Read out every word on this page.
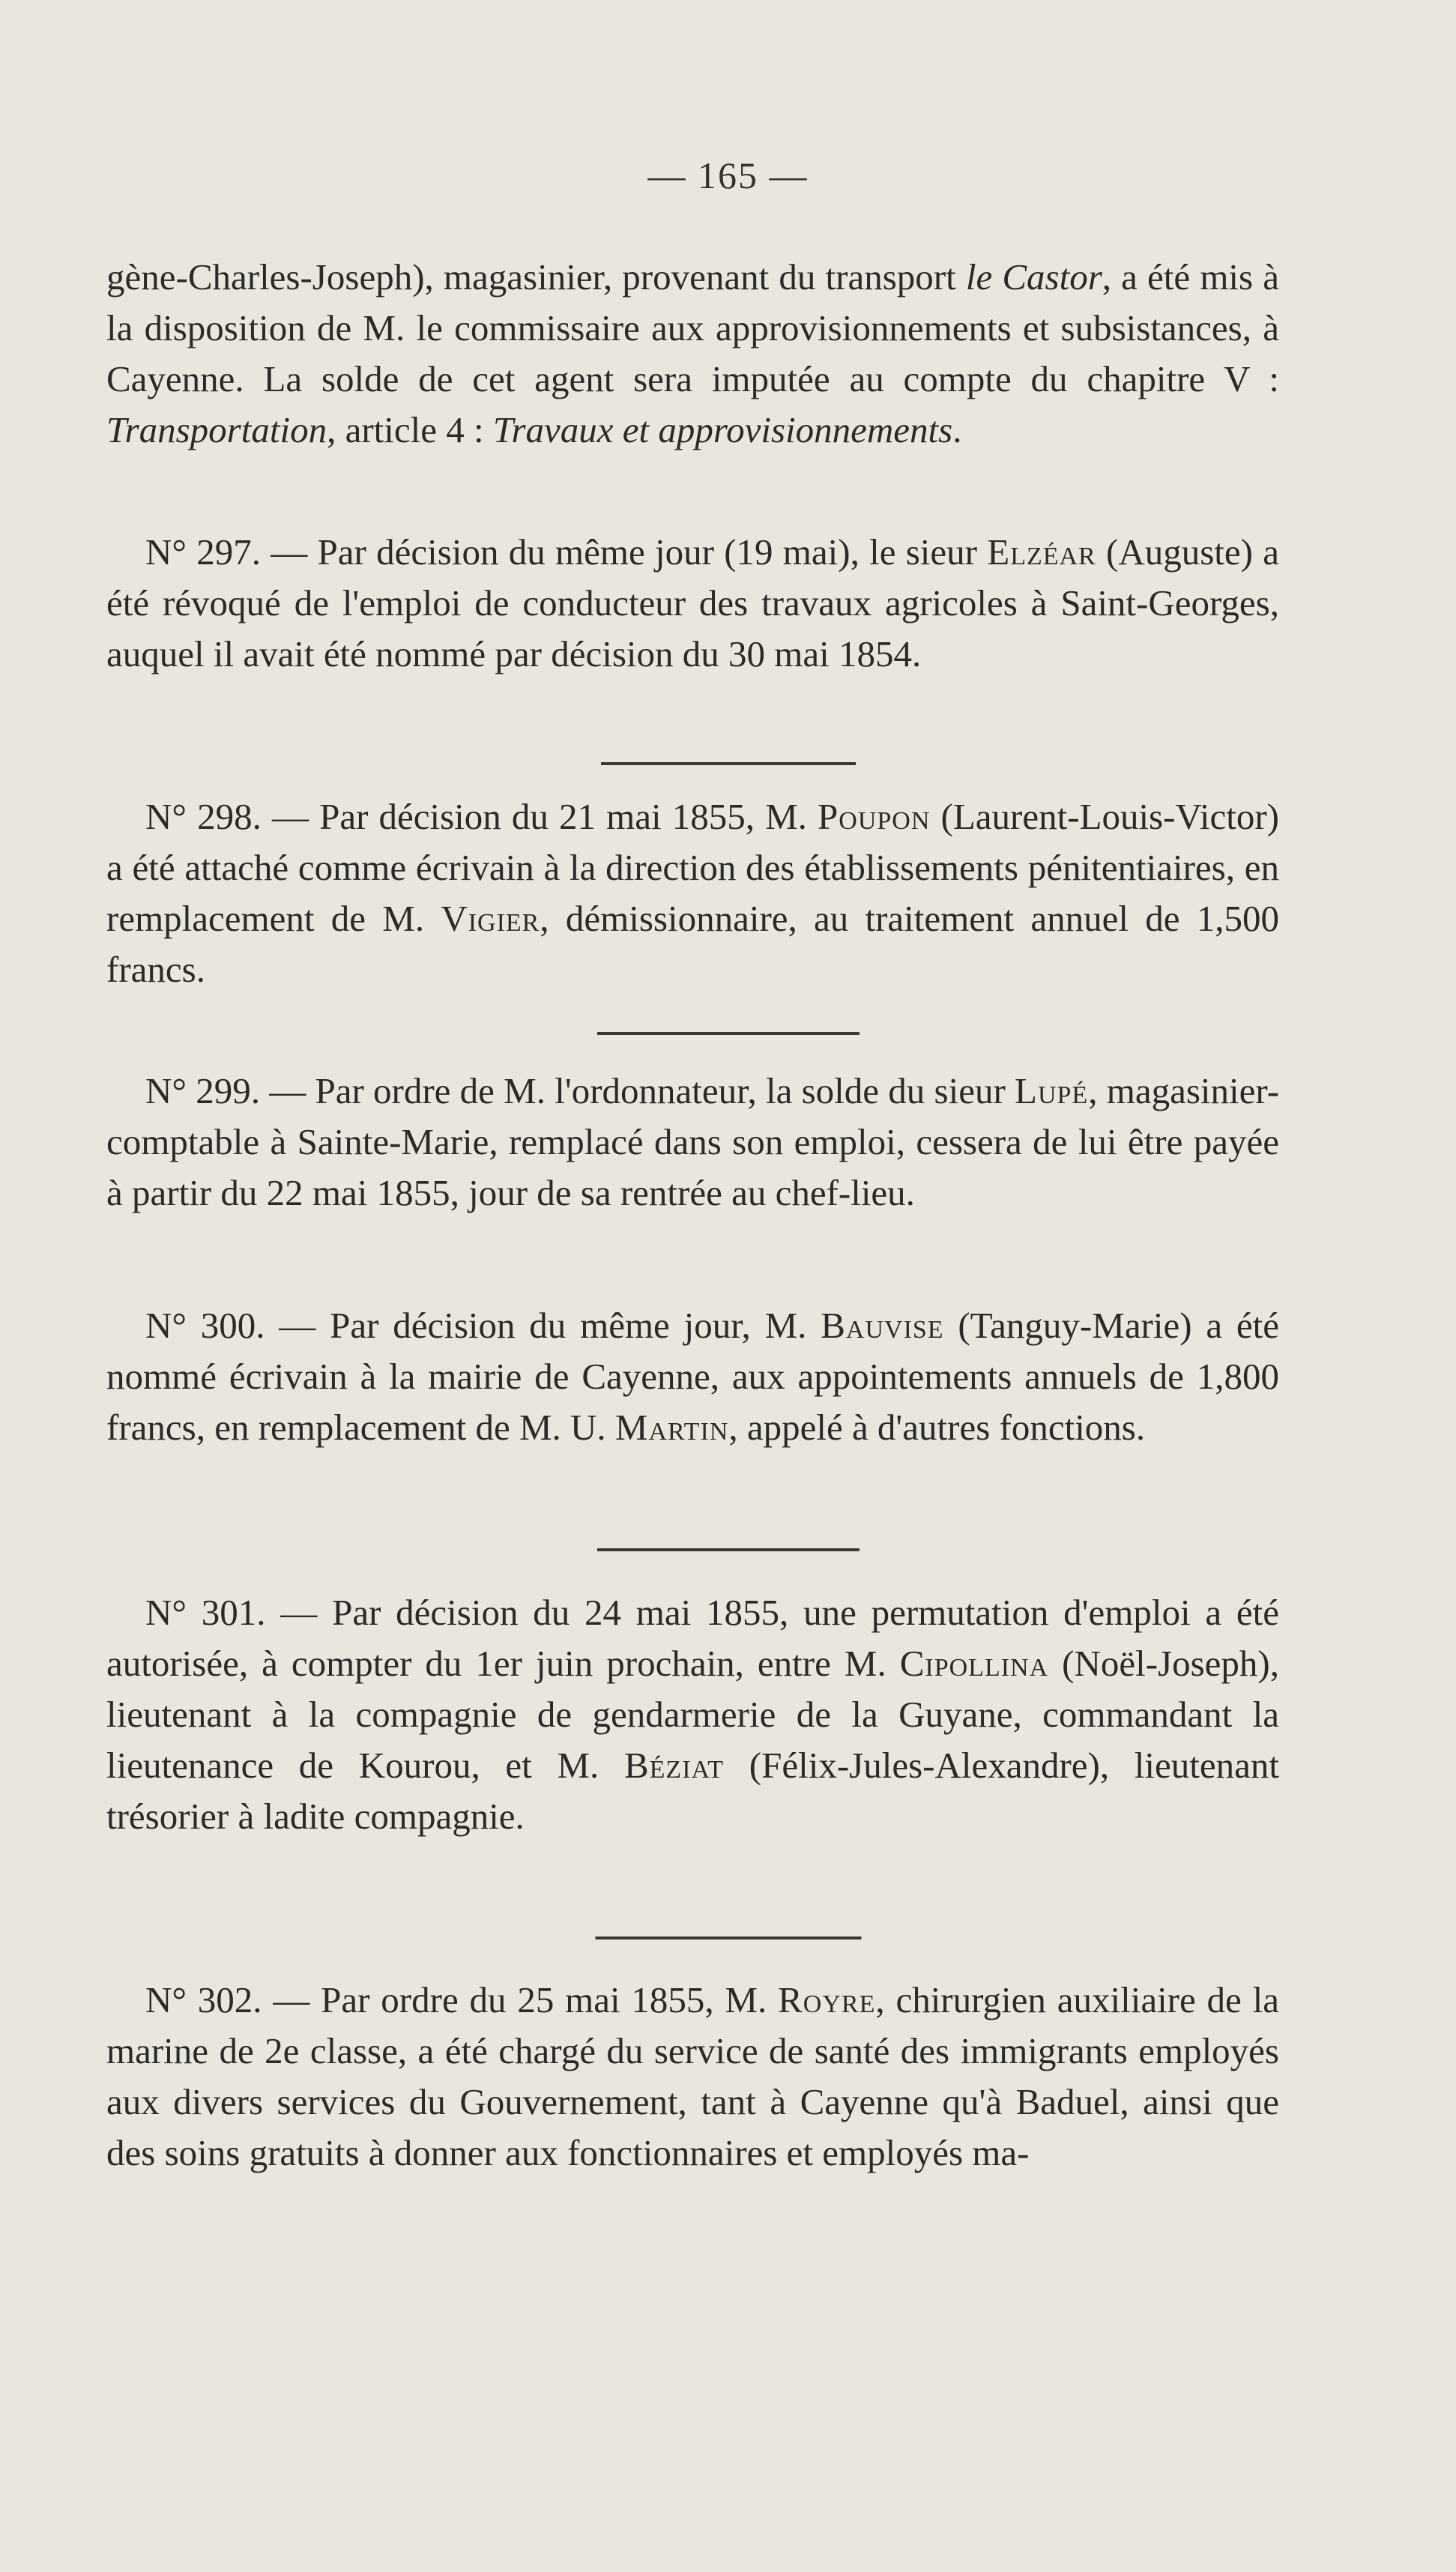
— 165 —

gène-Charles-Joseph), magasinier, provenant du transport le Castor, a été mis à la disposition de M. le commissaire aux approvisionnements et subsistances, à Cayenne. La solde de cet agent sera imputée au compte du chapitre V : Transportation, article 4 : Travaux et approvisionnements.

N° 297. — Par décision du même jour (19 mai), le sieur Elzéar (Auguste) a été révoqué de l'emploi de conducteur des travaux agricoles à Saint-Georges, auquel il avait été nommé par décision du 30 mai 1854.

N° 298. — Par décision du 21 mai 1855, M. Poupon (Laurent-Louis-Victor) a été attaché comme écrivain à la direction des établissements pénitentiaires, en remplacement de M. Vigier, démissionnaire, au traitement annuel de 1,500 francs.

N° 299. — Par ordre de M. l'ordonnateur, la solde du sieur Lupé, magasinier-comptable à Sainte-Marie, remplacé dans son emploi, cessera de lui être payée à partir du 22 mai 1855, jour de sa rentrée au chef-lieu.

N° 300. — Par décision du même jour, M. Bauvise (Tanguy-Marie) a été nommé écrivain à la mairie de Cayenne, aux appointements annuels de 1,800 francs, en remplacement de M. U. Martin, appelé à d'autres fonctions.

N° 301. — Par décision du 24 mai 1855, une permutation d'emploi a été autorisée, à compter du 1er juin prochain, entre M. Cipollina (Noël-Joseph), lieutenant à la compagnie de gendarmerie de la Guyane, commandant la lieutenance de Kourou, et M. Béziat (Félix-Jules-Alexandre), lieutenant trésorier à ladite compagnie.

N° 302. — Par ordre du 25 mai 1855, M. Royre, chirurgien auxiliaire de la marine de 2e classe, a été chargé du service de santé des immigrants employés aux divers services du Gouvernement, tant à Cayenne qu'à Baduel, ainsi que des soins gratuits à donner aux fonctionnaires et employés ma-
